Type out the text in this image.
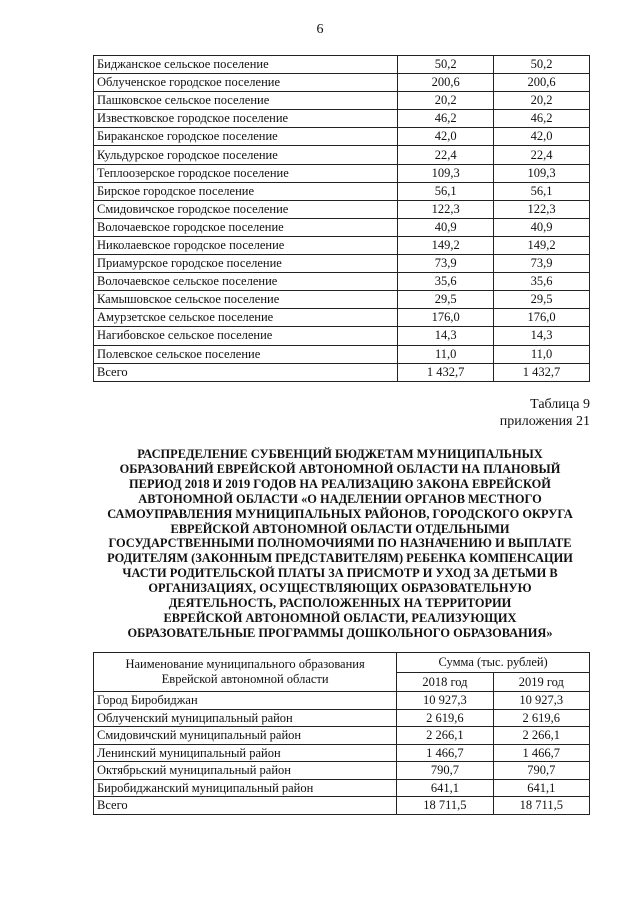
6
Биджанское сельское поселение	50,2	50,2
Облученское городское поселение	200,6	200,6
Пашковское сельское поселение	20,2	20,2
Известковское городское поселение	46,2	46,2
Бираканское городское поселение	42,0	42,0
Кульдурское городское поселение	22,4	22,4
Теплоозерское городское поселение	109,3	109,3
Бирское городское поселение	56,1	56,1
Смидовичское городское поселение	122,3	122,3
Волочаевское городское поселение	40,9	40,9
Николаевское городское поселение	149,2	149,2
Приамурское городское поселение	73,9	73,9
Волочаевское сельское поселение	35,6	35,6
Камышовское сельское поселение	29,5	29,5
Амурзетское сельское поселение	176,0	176,0
Нагибовское сельское поселение	14,3	14,3
Полевское сельское поселение	11,0	11,0
Всего	1 432,7	1 432,7
Таблица 9
приложения 21
РАСПРЕДЕЛЕНИЕ СУБВЕНЦИЙ БЮДЖЕТАМ МУНИЦИПАЛЬНЫХ
ОБРАЗОВАНИЙ ЕВРЕЙСКОЙ АВТОНОМНОЙ ОБЛАСТИ НА ПЛАНОВЫЙ
ПЕРИОД 2018 И 2019 ГОДОВ НА РЕАЛИЗАЦИЮ ЗАКОНА ЕВРЕЙСКОЙ
АВТОНОМНОЙ ОБЛАСТИ «О НАДЕЛЕНИИ ОРГАНОВ МЕСТНОГО
САМОУПРАВЛЕНИЯ МУНИЦИПАЛЬНЫХ РАЙОНОВ, ГОРОДСКОГО ОКРУГА
ЕВРЕЙСКОЙ АВТОНОМНОЙ ОБЛАСТИ ОТДЕЛЬНЫМИ
ГОСУДАРСТВЕННЫМИ ПОЛНОМОЧИЯМИ ПО НАЗНАЧЕНИЮ И ВЫПЛАТЕ
РОДИТЕЛЯМ (ЗАКОННЫМ ПРЕДСТАВИТЕЛЯМ) РЕБЕНКА КОМПЕНСАЦИИ
ЧАСТИ РОДИТЕЛЬСКОЙ ПЛАТЫ ЗА ПРИСМОТР И УХОД ЗА ДЕТЬМИ В
ОРГАНИЗАЦИЯХ, ОСУЩЕСТВЛЯЮЩИХ ОБРАЗОВАТЕЛЬНУЮ
ДЕЯТЕЛЬНОСТЬ, РАСПОЛОЖЕННЫХ НА ТЕРРИТОРИИ
ЕВРЕЙСКОЙ АВТОНОМНОЙ ОБЛАСТИ, РЕАЛИЗУЮЩИХ
ОБРАЗОВАТЕЛЬНЫЕ ПРОГРАММЫ ДОШКОЛЬНОГО ОБРАЗОВАНИЯ»
Наименование муниципального образования
Еврейской автономной области	Сумма (тыс. рублей)	
	2018 год	2019 год
Город Биробиджан	10 927,3	10 927,3
Облученский муниципальный район	2 619,6	2 619,6
Смидовичский муниципальный район	2 266,1	2 266,1
Ленинский муниципальный район	1 466,7	1 466,7
Октябрьский муниципальный район	790,7	790,7
Биробиджанский муниципальный район	641,1	641,1
Всего	18 711,5	18 711,5
